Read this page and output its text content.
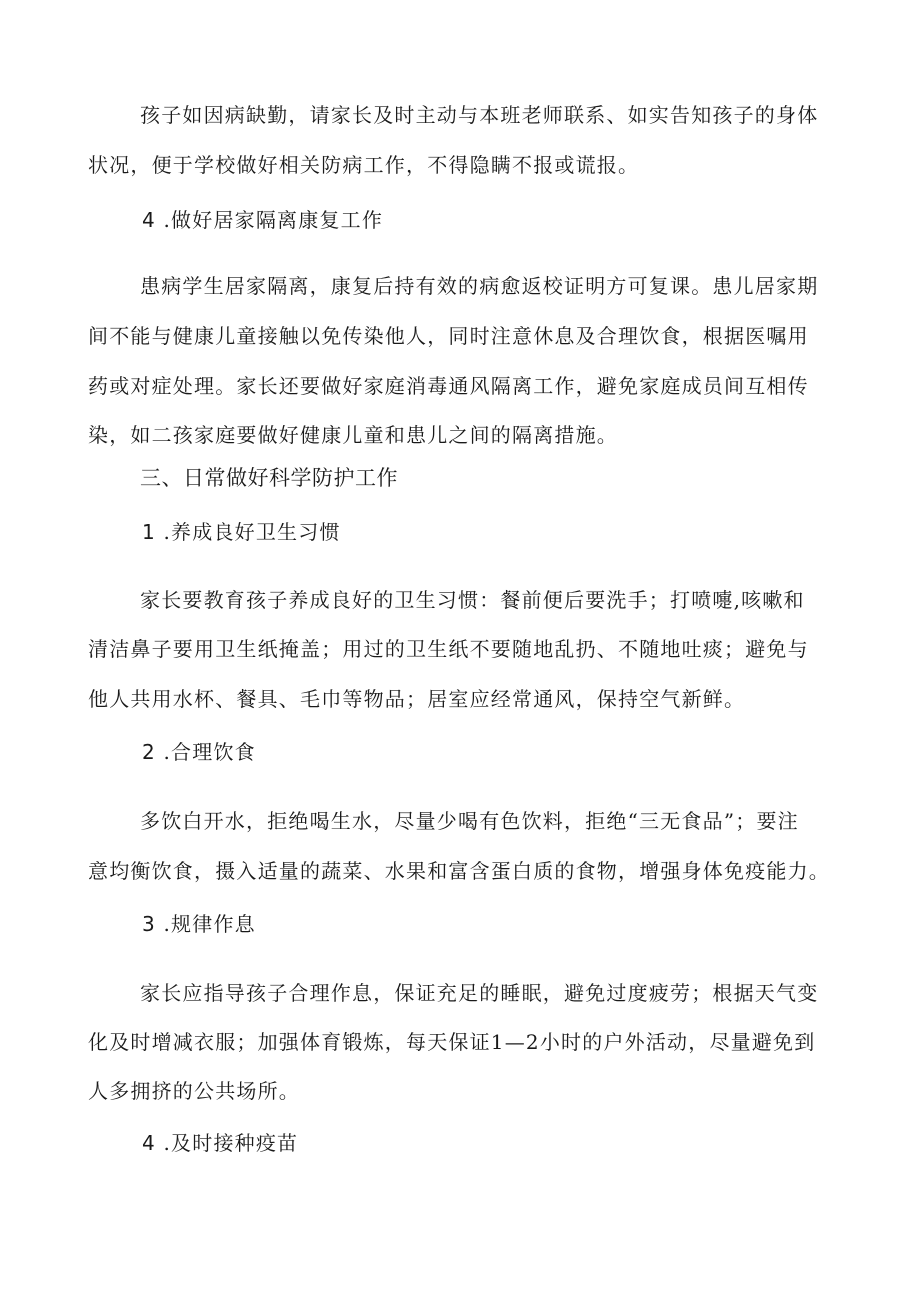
孩子如因病缺勤，请家长及时主动与本班老师联系、如实告知孩子的身体
状况，便于学校做好相关防病工作，不得隐瞒不报或谎报。
4 .做好居家隔离康复工作
患病学生居家隔离，康复后持有效的病愈返校证明方可复课。患儿居家期
间不能与健康儿童接触以免传染他人，同时注意休息及合理饮食，根据医嘱用
药或对症处理。家长还要做好家庭消毒通风隔离工作，避免家庭成员间互相传
染，如二孩家庭要做好健康儿童和患儿之间的隔离措施。
三、日常做好科学防护工作
1 .养成良好卫生习惯
家长要教育孩子养成良好的卫生习惯：餐前便后要洗手；打喷嚏,咳嗽和
清洁鼻子要用卫生纸掩盖；用过的卫生纸不要随地乱扔、不随地吐痰；避免与
他人共用水杯、餐具、毛巾等物品；居室应经常通风，保持空气新鲜。
2 .合理饮食
多饮白开水，拒绝喝生水，尽量少喝有色饮料，拒绝“三无食品”；要注
意均衡饮食，摄入适量的蔬菜、水果和富含蛋白质的食物，增强身体免疫能力。
3 .规律作息
家长应指导孩子合理作息，保证充足的睡眠，避免过度疲劳；根据天气变
化及时增减衣服；加强体育锻炼，每天保证1—2小时的户外活动，尽量避免到
人多拥挤的公共场所。
4 .及时接种疫苗
